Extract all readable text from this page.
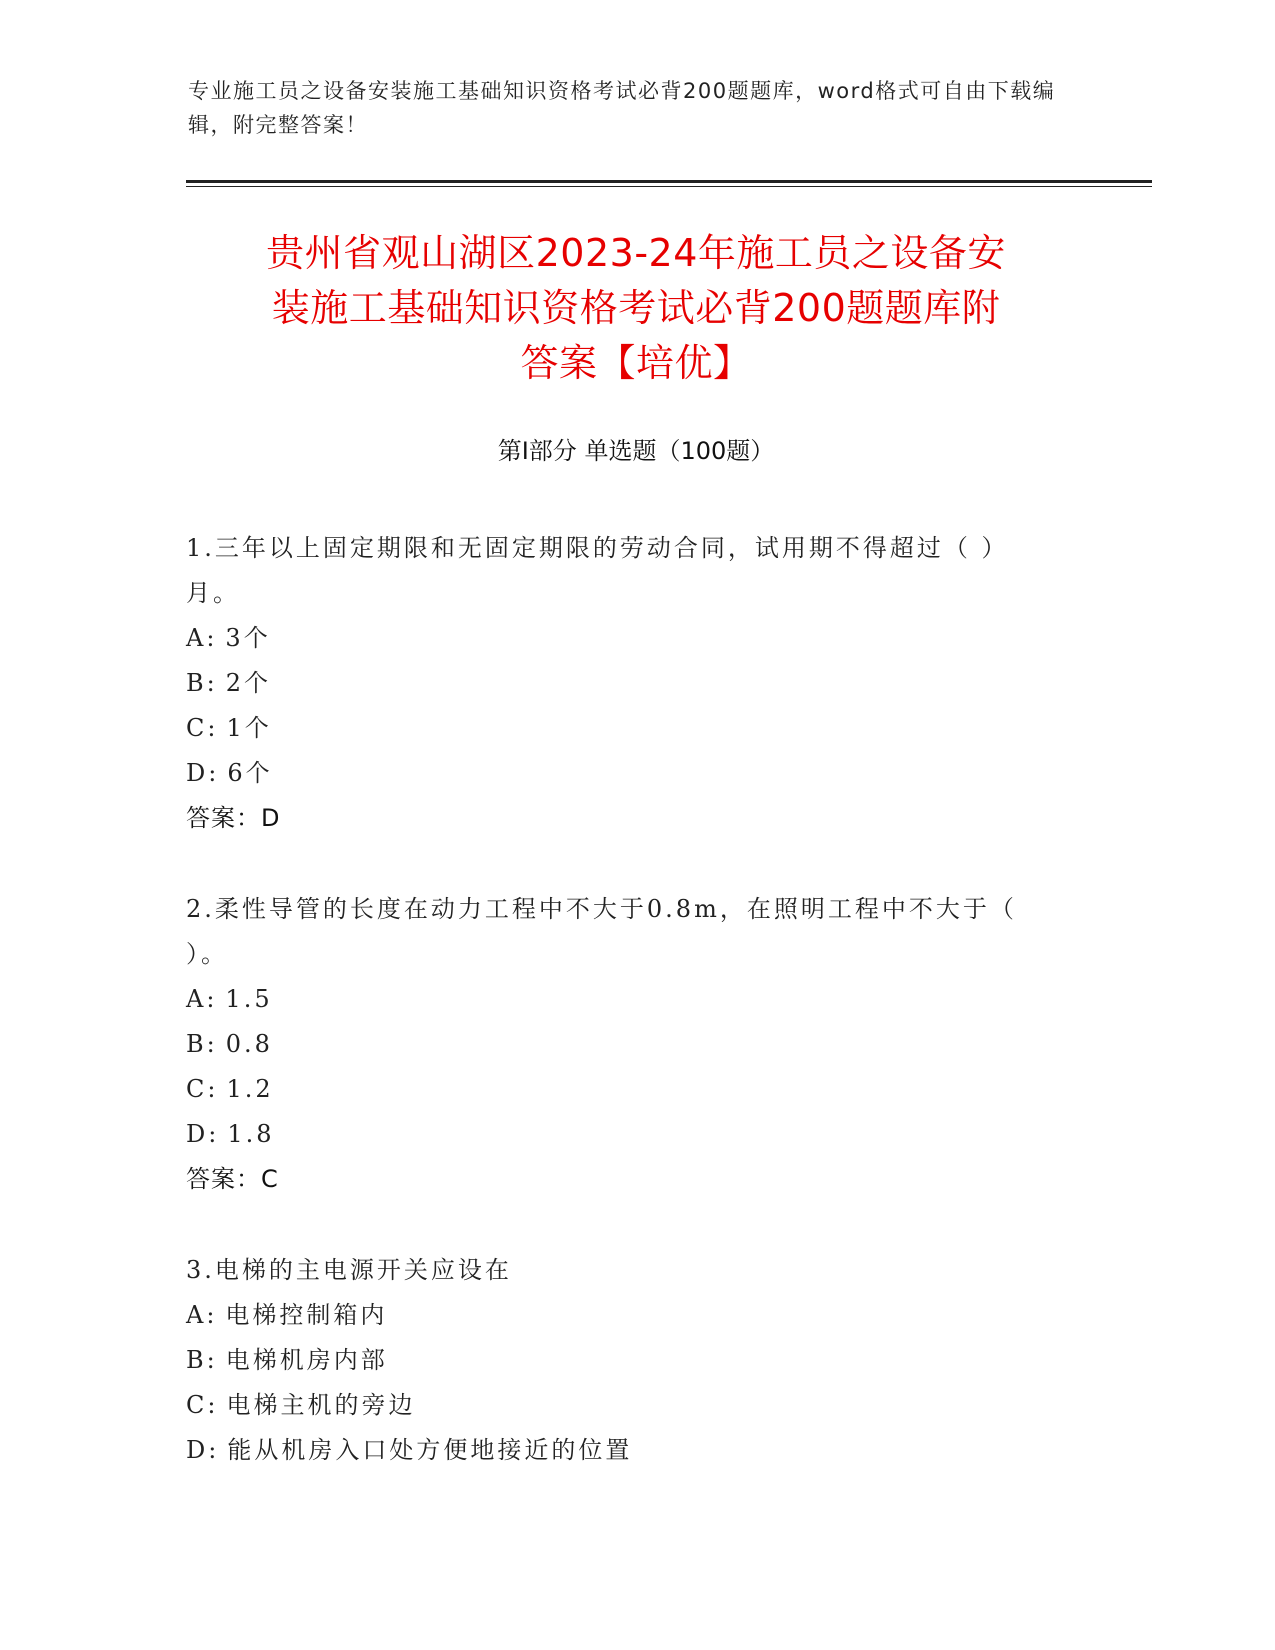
专业施工员之设备安装施工基础知识资格考试必背200题题库，word格式可自由下载编辑，附完整答案！
贵州省观山湖区2023-24年施工员之设备安
装施工基础知识资格考试必背200题题库附
答案【培优】
第Ⅰ部分 单选题（100题）

1.三年以上固定期限和无固定期限的劳动合同，试用期不得超过（ ）

月。

A: 3个

B: 2个

C: 1个

D: 6个

答案：D

2.柔性导管的长度在动力工程中不大于0.8m，在照明工程中不大于（

）。

A: 1.5

B: 0.8

C: 1.2

D: 1.8

答案：C

3.电梯的主电源开关应设在

A: 电梯控制箱内

B: 电梯机房内部

C: 电梯主机的旁边

D: 能从机房入口处方便地接近的位置
